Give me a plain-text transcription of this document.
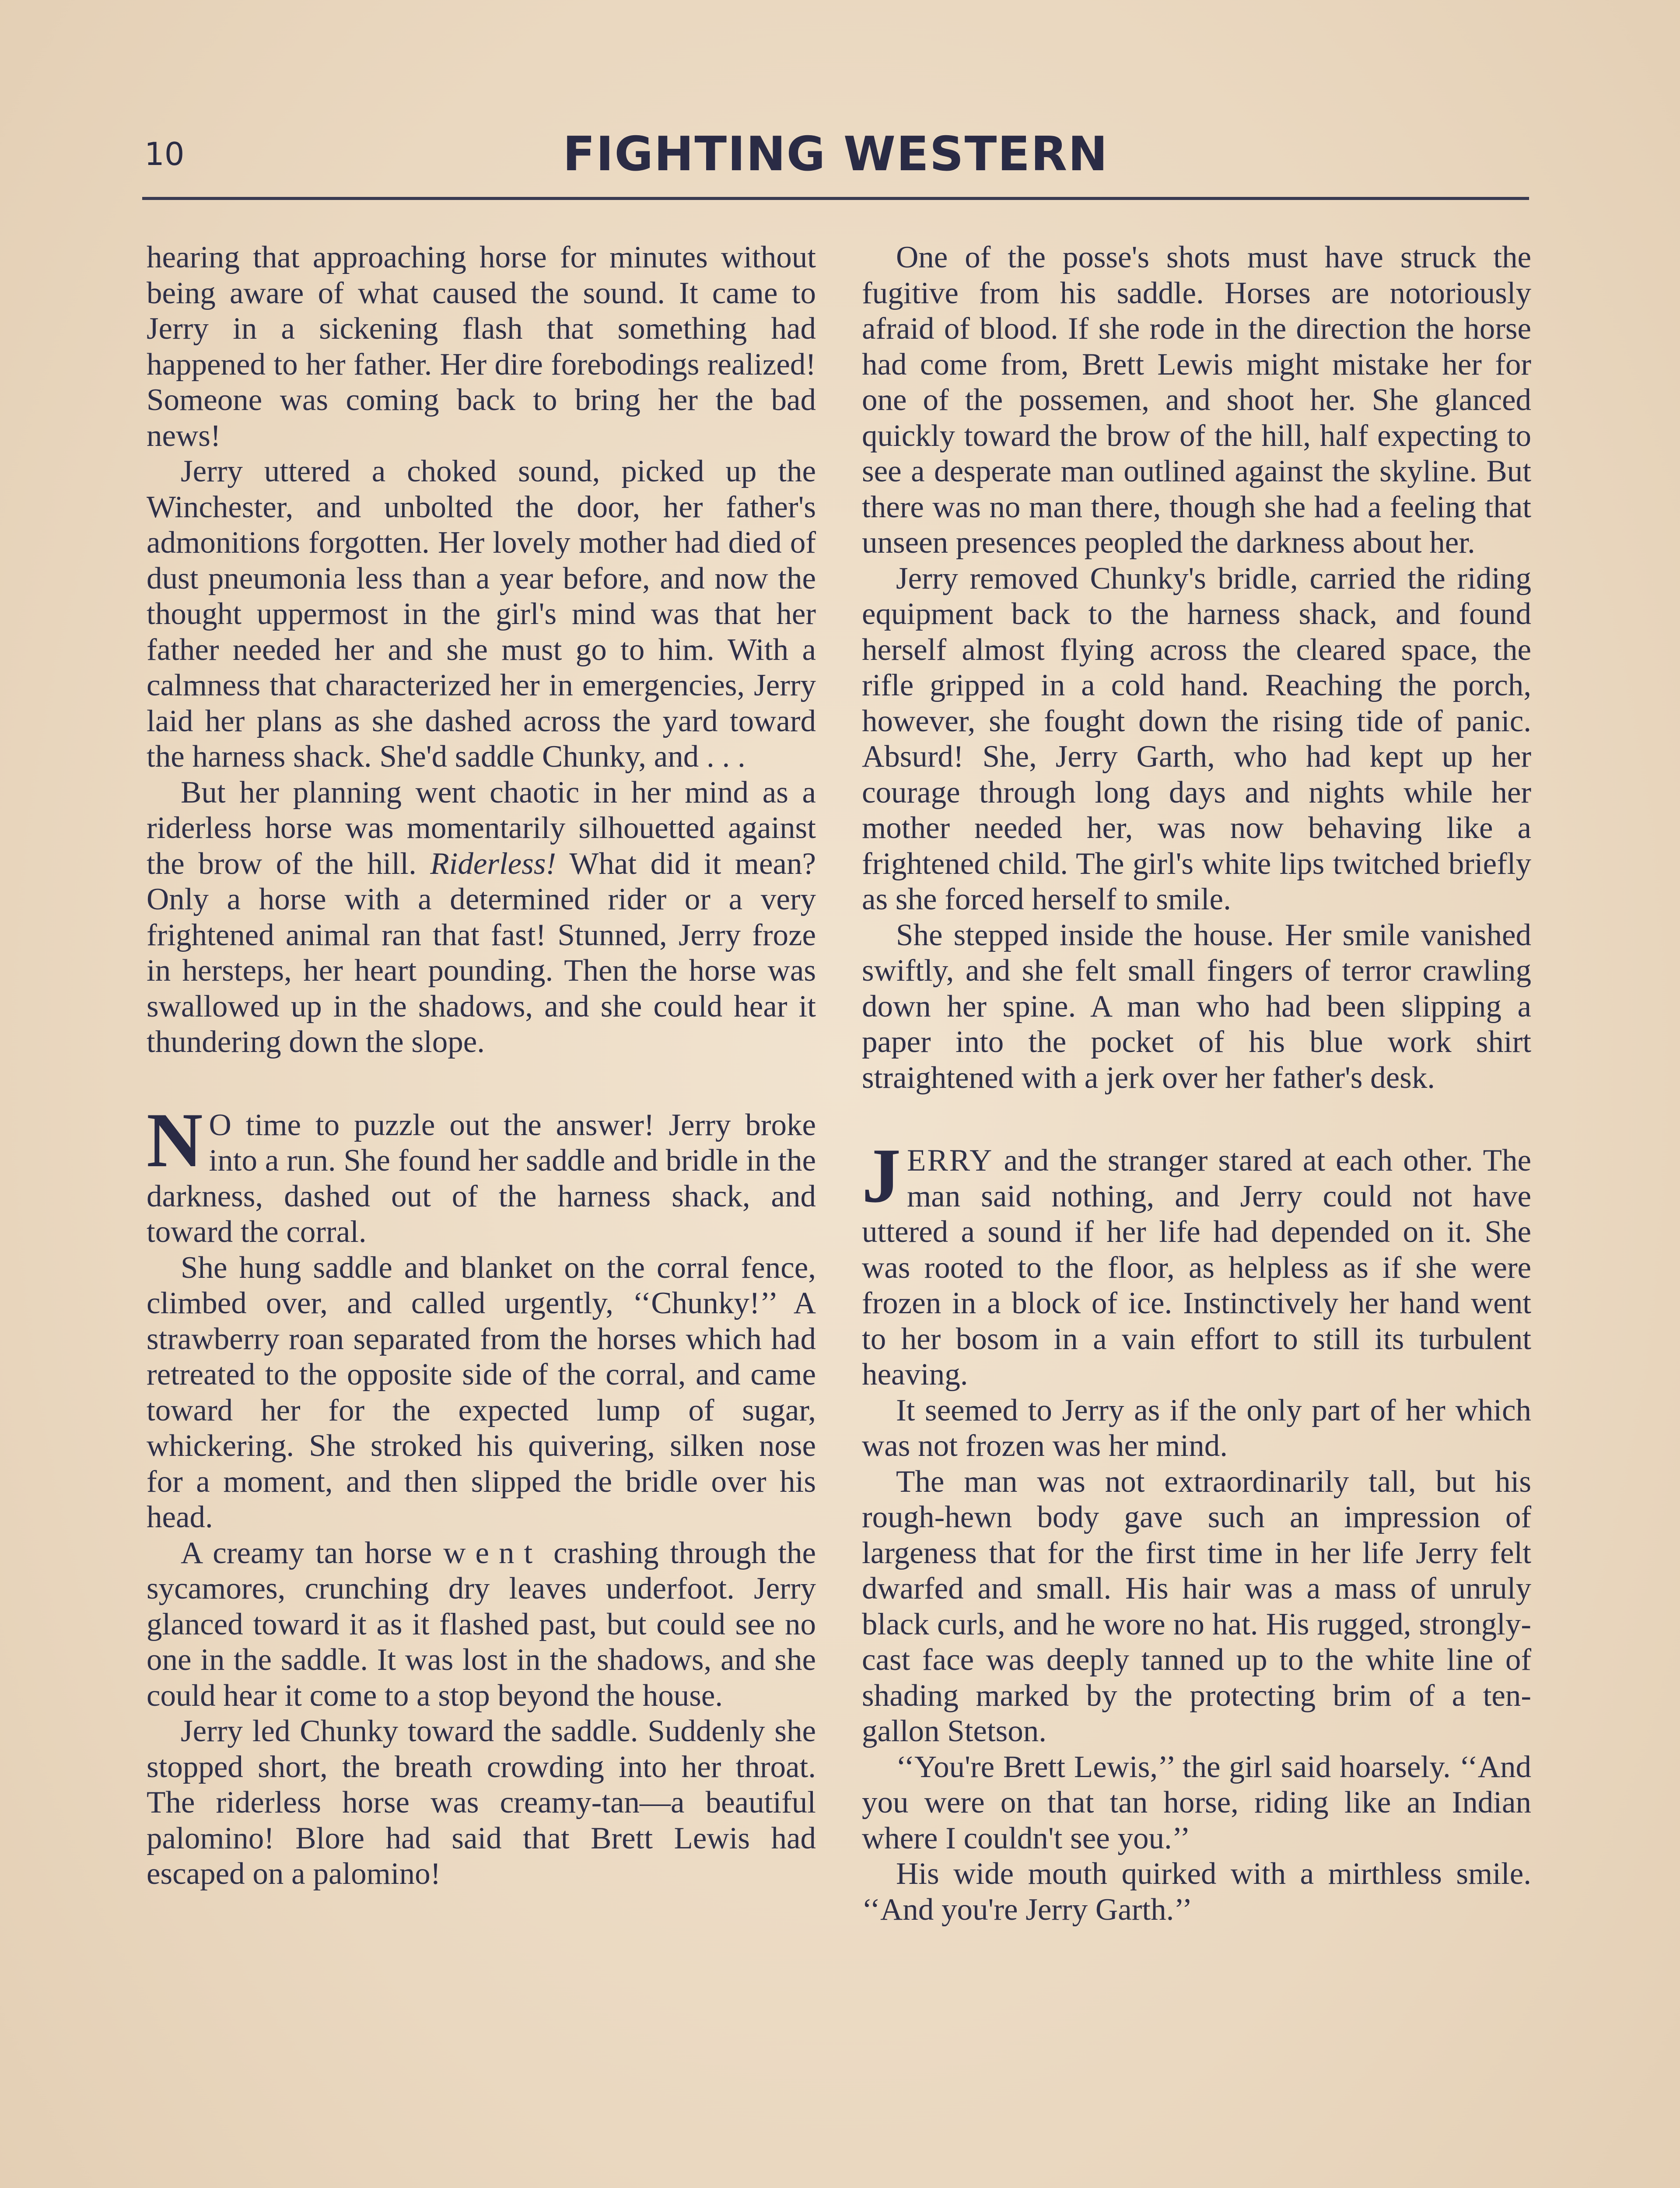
10	FIGHTING WESTERN

hearing that approaching horse for minutes without being aware of what caused the sound. It came to Jerry in a sickening flash that something had happened to her father. Her dire forebodings realized! Someone was coming back to bring her the bad news!

Jerry uttered a choked sound, picked up the Winchester, and unbolted the door, her father's admonitions forgotten. Her lovely mother had died of dust pneumonia less than a year before, and now the thought uppermost in the girl's mind was that her father needed her and she must go to him. With a calmness that characterized her in emergencies, Jerry laid her plans as she dashed across the yard toward the harness shack. She'd saddle Chunky, and . . .

But her planning went chaotic in her mind as a riderless horse was momentarily silhouetted against the brow of the hill. Riderless! What did it mean? Only a horse with a determined rider or a very frightened animal ran that fast! Stunned, Jerry froze in hersteps, her heart pounding. Then the horse was swallowed up in the shadows, and she could hear it thundering down the slope.

N O time to puzzle out the answer! Jerry broke into a run. She found her saddle and bridle in the darkness, dashed out of the harness shack, and toward the corral.

She hung saddle and blanket on the corral fence, climbed over, and called urgently, ‘‘Chunky!’’ A strawberry roan separated from the horses which had retreated to the opposite side of the corral, and came toward her for the expected lump of sugar, whickering. She stroked his quivering, silken nose for a moment, and then slipped the bridle over his head.

A creamy tan horse went crashing through the sycamores, crunching dry leaves underfoot. Jerry glanced toward it as it flashed past, but could see no one in the saddle. It was lost in the shadows, and she could hear it come to a stop beyond the house.

Jerry led Chunky toward the saddle. Suddenly she stopped short, the breath crowding into her throat. The riderless horse was creamy-tan—a beautiful palomino! Blore had said that Brett Lewis had escaped on a palomino!

One of the posse's shots must have struck the fugitive from his saddle. Horses are notoriously afraid of blood. If she rode in the direction the horse had come from, Brett Lewis might mistake her for one of the possemen, and shoot her. She glanced quickly toward the brow of the hill, half expecting to see a desperate man outlined against the skyline. But there was no man there, though she had a feeling that unseen presences peopled the darkness about her.

Jerry removed Chunky's bridle, carried the riding equipment back to the harness shack, and found herself almost flying across the cleared space, the rifle gripped in a cold hand. Reaching the porch, however, she fought down the rising tide of panic. Absurd! She, Jerry Garth, who had kept up her courage through long days and nights while her mother needed her, was now behaving like a frightened child. The girl's white lips twitched briefly as she forced herself to smile.

She stepped inside the house. Her smile vanished swiftly, and she felt small fingers of terror crawling down her spine. A man who had been slipping a paper into the pocket of his blue work shirt straightened with a jerk over her father's desk.

JERRY and the stranger stared at each other. The man said nothing, and Jerry could not have uttered a sound if her life had depended on it. She was rooted to the floor, as helpless as if she were frozen in a block of ice. Instinctively her hand went to her bosom in a vain effort to still its turbulent heaving.

It seemed to Jerry as if the only part of her which was not frozen was her mind.

The man was not extraordinarily tall, but his rough-hewn body gave such an impression of largeness that for the first time in her life Jerry felt dwarfed and small. His hair was a mass of unruly black curls, and he wore no hat. His rugged, strongly-cast face was deeply tanned up to the white line of shading marked by the protecting brim of a ten-gallon Stetson.

‘‘You're Brett Lewis,’’ the girl said hoarsely. ‘‘And you were on that tan horse, riding like an Indian where I couldn't see you.’’

His wide mouth quirked with a mirthless smile. ‘‘And you're Jerry Garth.’’
